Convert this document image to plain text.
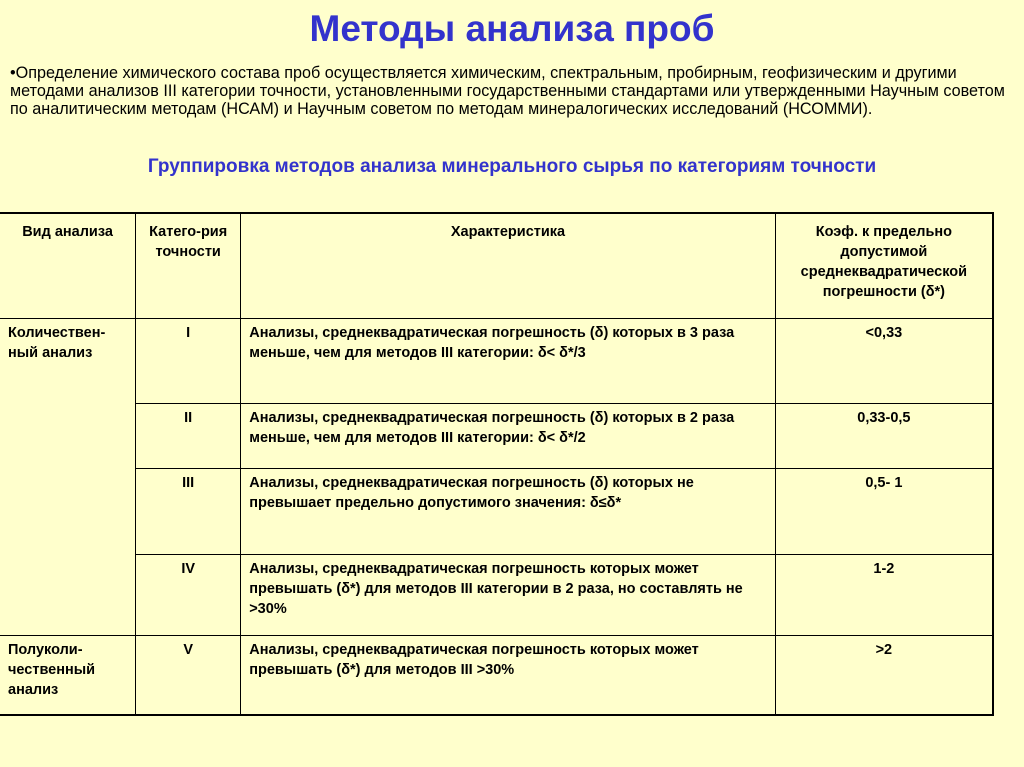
Методы анализа проб
•Определение химического состава проб осуществляется химическим, спектральным, пробирным, геофизическим и другими методами анализов III категории точности, установленными государственными стандартами или утвержденными Научным советом по аналитическим методам (НСАМ) и Научным советом по методам минералогических исследований (НСОММИ).
Группировка методов анализа минерального сырья по категориям точности
Вид анализа	Катего-рия точности	Характеристика	Коэф. к предельно допустимой среднеквадратической погрешности (δ*)
Количествен-ный анализ	I	Анализы, среднеквадратическая погрешность (δ) которых в 3 раза меньше, чем для методов III категории: δ< δ*/3	<0,33
	II	Анализы, среднеквадратическая погрешность (δ) которых в 2 раза меньше, чем для методов III категории: δ< δ*/2	0,33-0,5
	III	Анализы, среднеквадратическая погрешность (δ) которых не превышает предельно допустимого значения: δ≤δ*	0,5- 1
	IV	Анализы, среднеквадратическая погрешность которых может превышать (δ*) для методов III категории в 2 раза, но составлять не >30%	1-2
Полуколи-чественный анализ	V	Анализы, среднеквадратическая погрешность которых может превышать (δ*) для методов III >30%	>2
